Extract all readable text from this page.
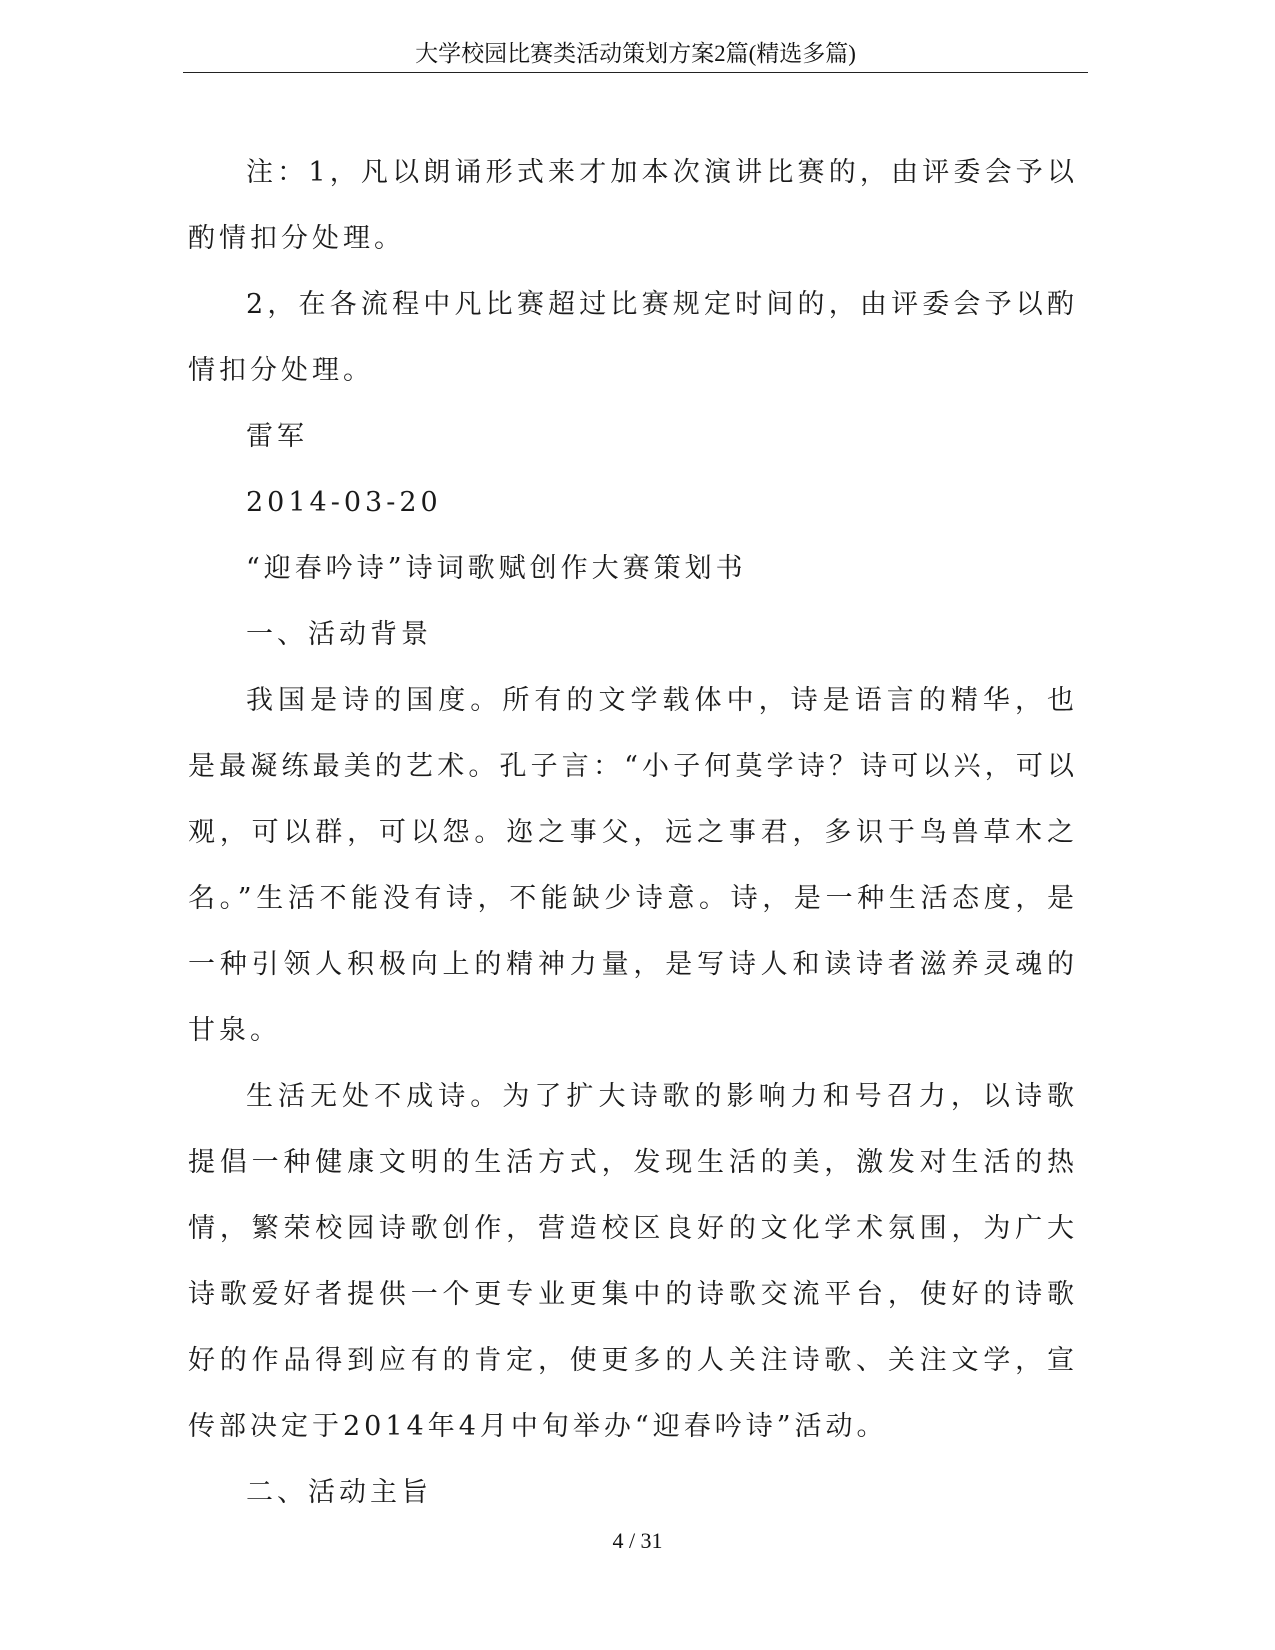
大学校园比赛类活动策划方案2篇(精选多篇)

注：1，凡以朗诵形式来才加本次演讲比赛的，由评委会予以酌情扣分处理。

2，在各流程中凡比赛超过比赛规定时间的，由评委会予以酌情扣分处理。

雷军

2014-03-20

“迎春吟诗”诗词歌赋创作大赛策划书

一、活动背景

我国是诗的国度。所有的文学载体中，诗是语言的精华，也是最凝练最美的艺术。孔子言：“小子何莫学诗？诗可以兴，可以观，可以群，可以怨。迩之事父，远之事君，多识于鸟兽草木之名。”生活不能没有诗，不能缺少诗意。诗，是一种生活态度，是一种引领人积极向上的精神力量，是写诗人和读诗者滋养灵魂的甘泉。

生活无处不成诗。为了扩大诗歌的影响力和号召力，以诗歌提倡一种健康文明的生活方式，发现生活的美，激发对生活的热情，繁荣校园诗歌创作，营造校区良好的文化学术氛围，为广大诗歌爱好者提供一个更专业更集中的诗歌交流平台，使好的诗歌好的作品得到应有的肯定，使更多的人关注诗歌、关注文学，宣传部决定于2014年4月中旬举办“迎春吟诗”活动。

二、活动主旨

4 / 31
